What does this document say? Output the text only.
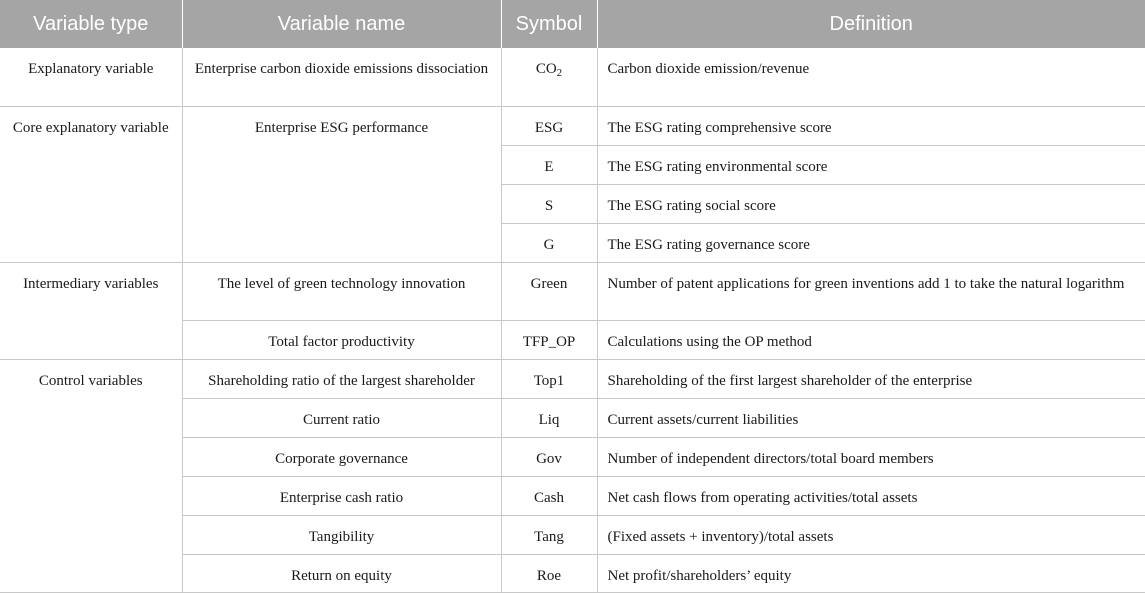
Variable type	Variable name	Symbol	Definition
Explanatory variable	Enterprise carbon dioxide emissions dissociation	$CO_2$	Carbon dioxide emission/revenue
Core explanatory variable	Enterprise ESG performance	ESG	The ESG rating comprehensive score
		E	The ESG rating environmental score
		S	The ESG rating social score
		G	The ESG rating governance score
Intermediary variables	The level of green technology innovation	Green	Number of patent applications for green inventions add 1 to take the natural logarithm
	Total factor productivity	TFP_OP	Calculations using the OP method
Control variables	Shareholding ratio of the largest shareholder	Top1	Shareholding of the first largest shareholder of the enterprise
	Current ratio	Liq	Current assets/current liabilities
	Corporate governance	Gov	Number of independent directors/total board members
	Enterprise cash ratio	Cash	Net cash flows from operating activities/total assets
	Tangibility	Tang	(Fixed assets + inventory)/total assets
	Return on equity	Roe	Net profit/shareholders’ equity
